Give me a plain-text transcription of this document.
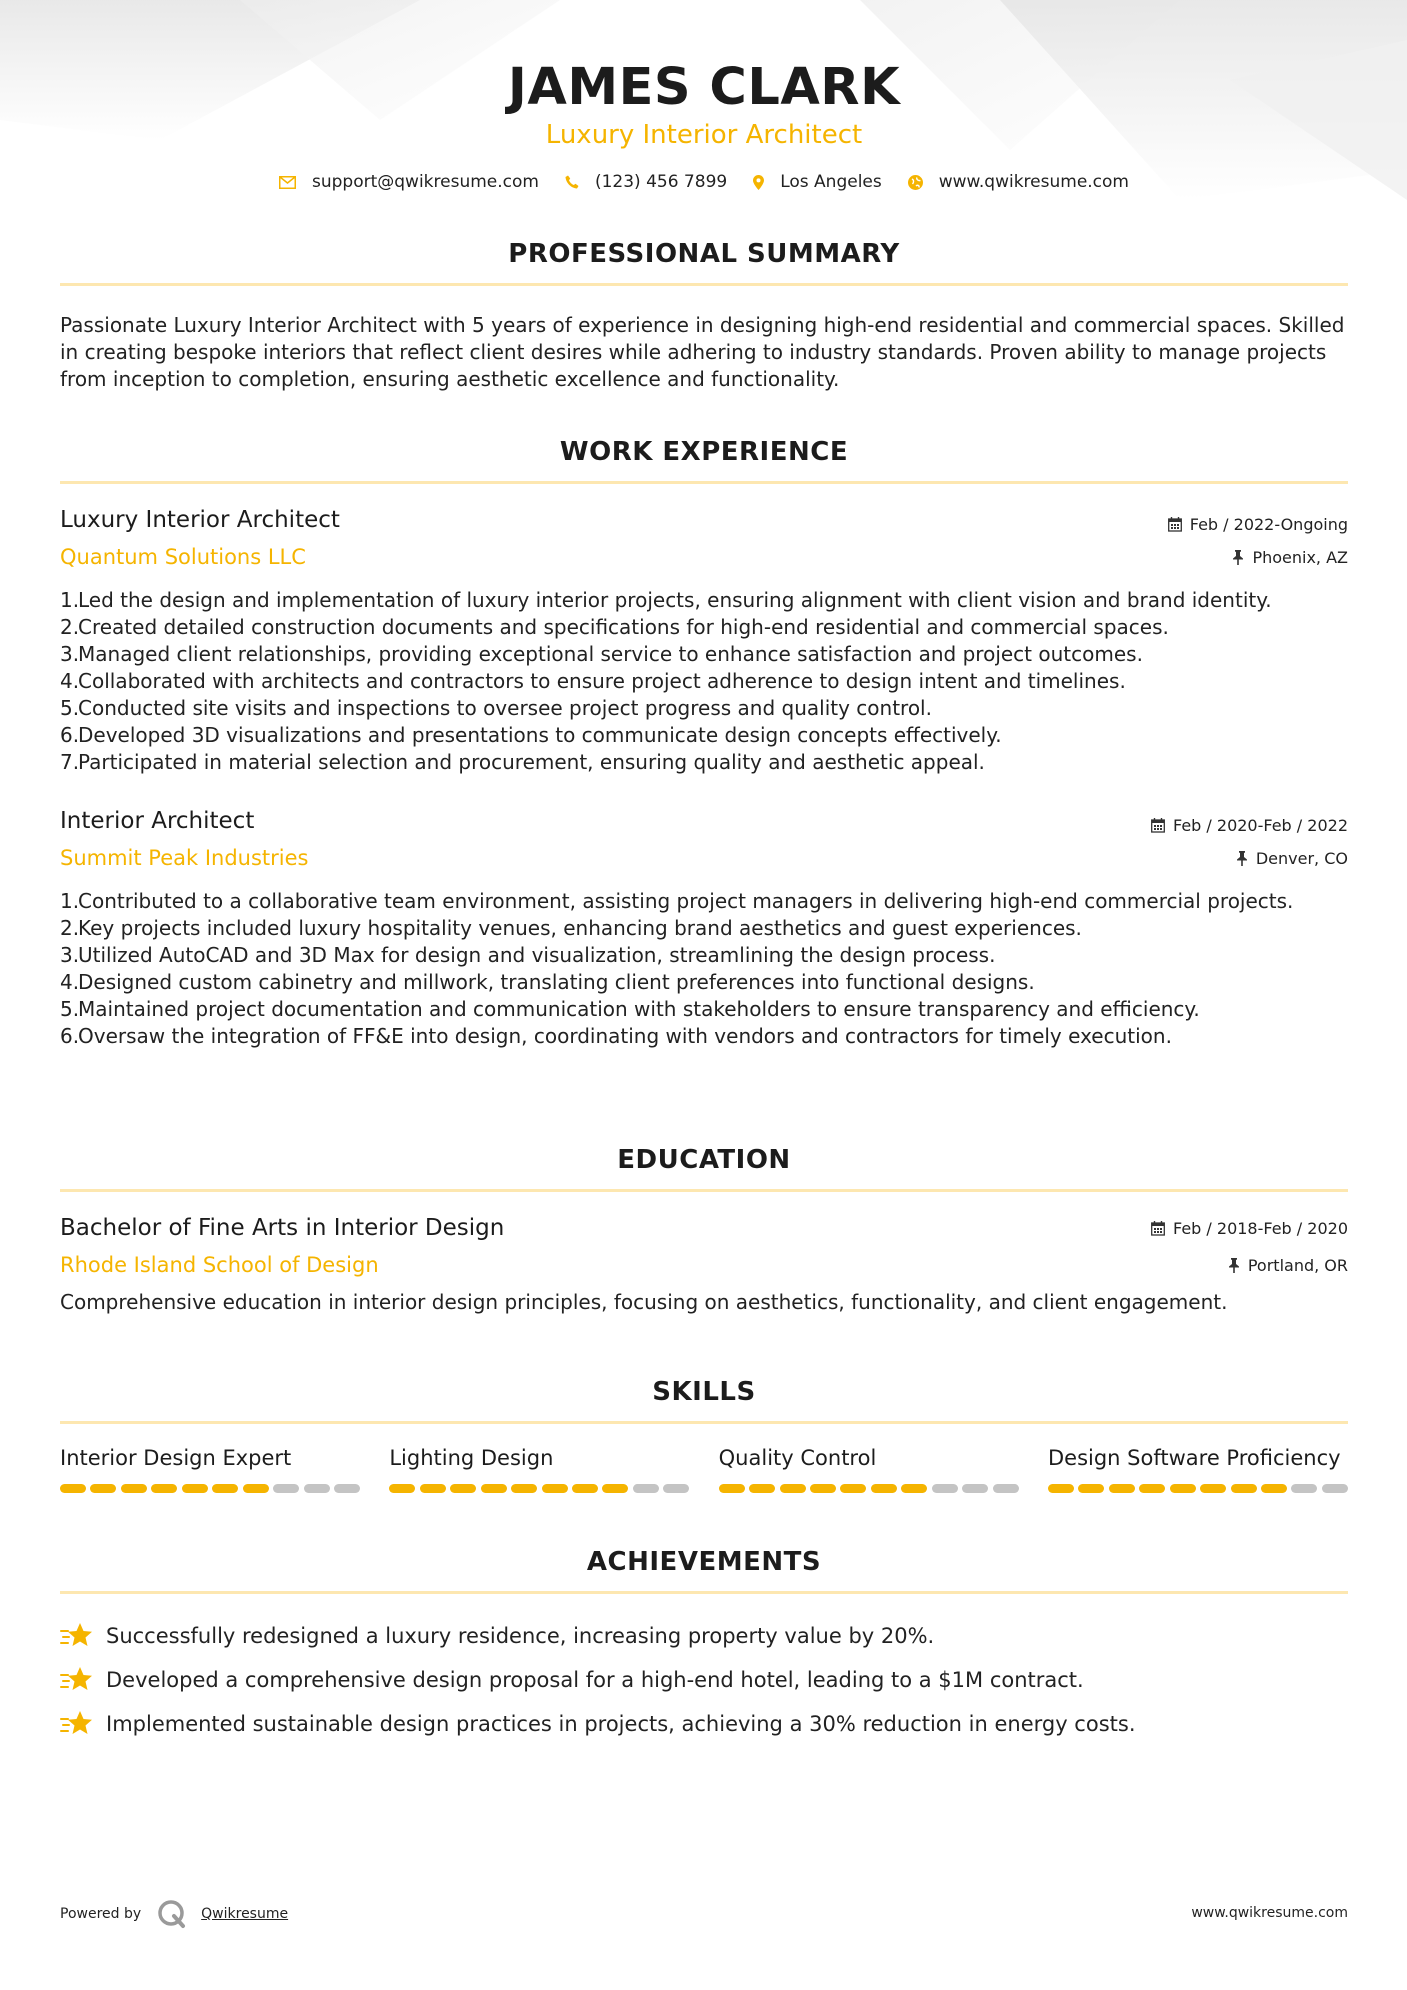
JAMES CLARK
Luxury Interior Architect
support@qwikresume.com	(123) 456 7899	Los Angeles	www.qwikresume.com
PROFESSIONAL SUMMARY
Passionate Luxury Interior Architect with 5 years of experience in designing high-end residential and commercial spaces. Skilled in creating bespoke interiors that reflect client desires while adhering to industry standards. Proven ability to manage projects from inception to completion, ensuring aesthetic excellence and functionality.
WORK EXPERIENCE
Luxury Interior Architect
Quantum Solutions LLC
Feb / 2022-Ongoing
Phoenix, AZ
1.
Led the design and implementation of luxury interior projects, ensuring alignment with client vision and brand identity.
2.
Created detailed construction documents and specifications for high-end residential and commercial spaces.
3.
Managed client relationships, providing exceptional service to enhance satisfaction and project outcomes.
4.
Collaborated with architects and contractors to ensure project adherence to design intent and timelines.
5.
Conducted site visits and inspections to oversee project progress and quality control.
6.
Developed 3D visualizations and presentations to communicate design concepts effectively.
7.
Participated in material selection and procurement, ensuring quality and aesthetic appeal.
Interior Architect
Summit Peak Industries
Feb / 2020-Feb / 2022
Denver, CO
1.
Contributed to a collaborative team environment, assisting project managers in delivering high-end commercial projects.
2.
Key projects included luxury hospitality venues, enhancing brand aesthetics and guest experiences.
3.
Utilized AutoCAD and 3D Max for design and visualization, streamlining the design process.
4.
Designed custom cabinetry and millwork, translating client preferences into functional designs.
5.
Maintained project documentation and communication with stakeholders to ensure transparency and efficiency.
6.
Oversaw the integration of FF&E into design, coordinating with vendors and contractors for timely execution.
EDUCATION
Bachelor of Fine Arts in Interior Design
Rhode Island School of Design
Feb / 2018-Feb / 2020
Portland, OR
Comprehensive education in interior design principles, focusing on aesthetics, functionality, and client engagement.
SKILLS
Interior Design Expert	Lighting Design	Quality Control	Design Software Proficiency
ACHIEVEMENTS
Successfully redesigned a luxury residence, increasing property value by 20%.
Developed a comprehensive design proposal for a high-end hotel, leading to a $1M contract.
Implemented sustainable design practices in projects, achieving a 30% reduction in energy costs.
Powered by	Qwikresume	www.qwikresume.com
